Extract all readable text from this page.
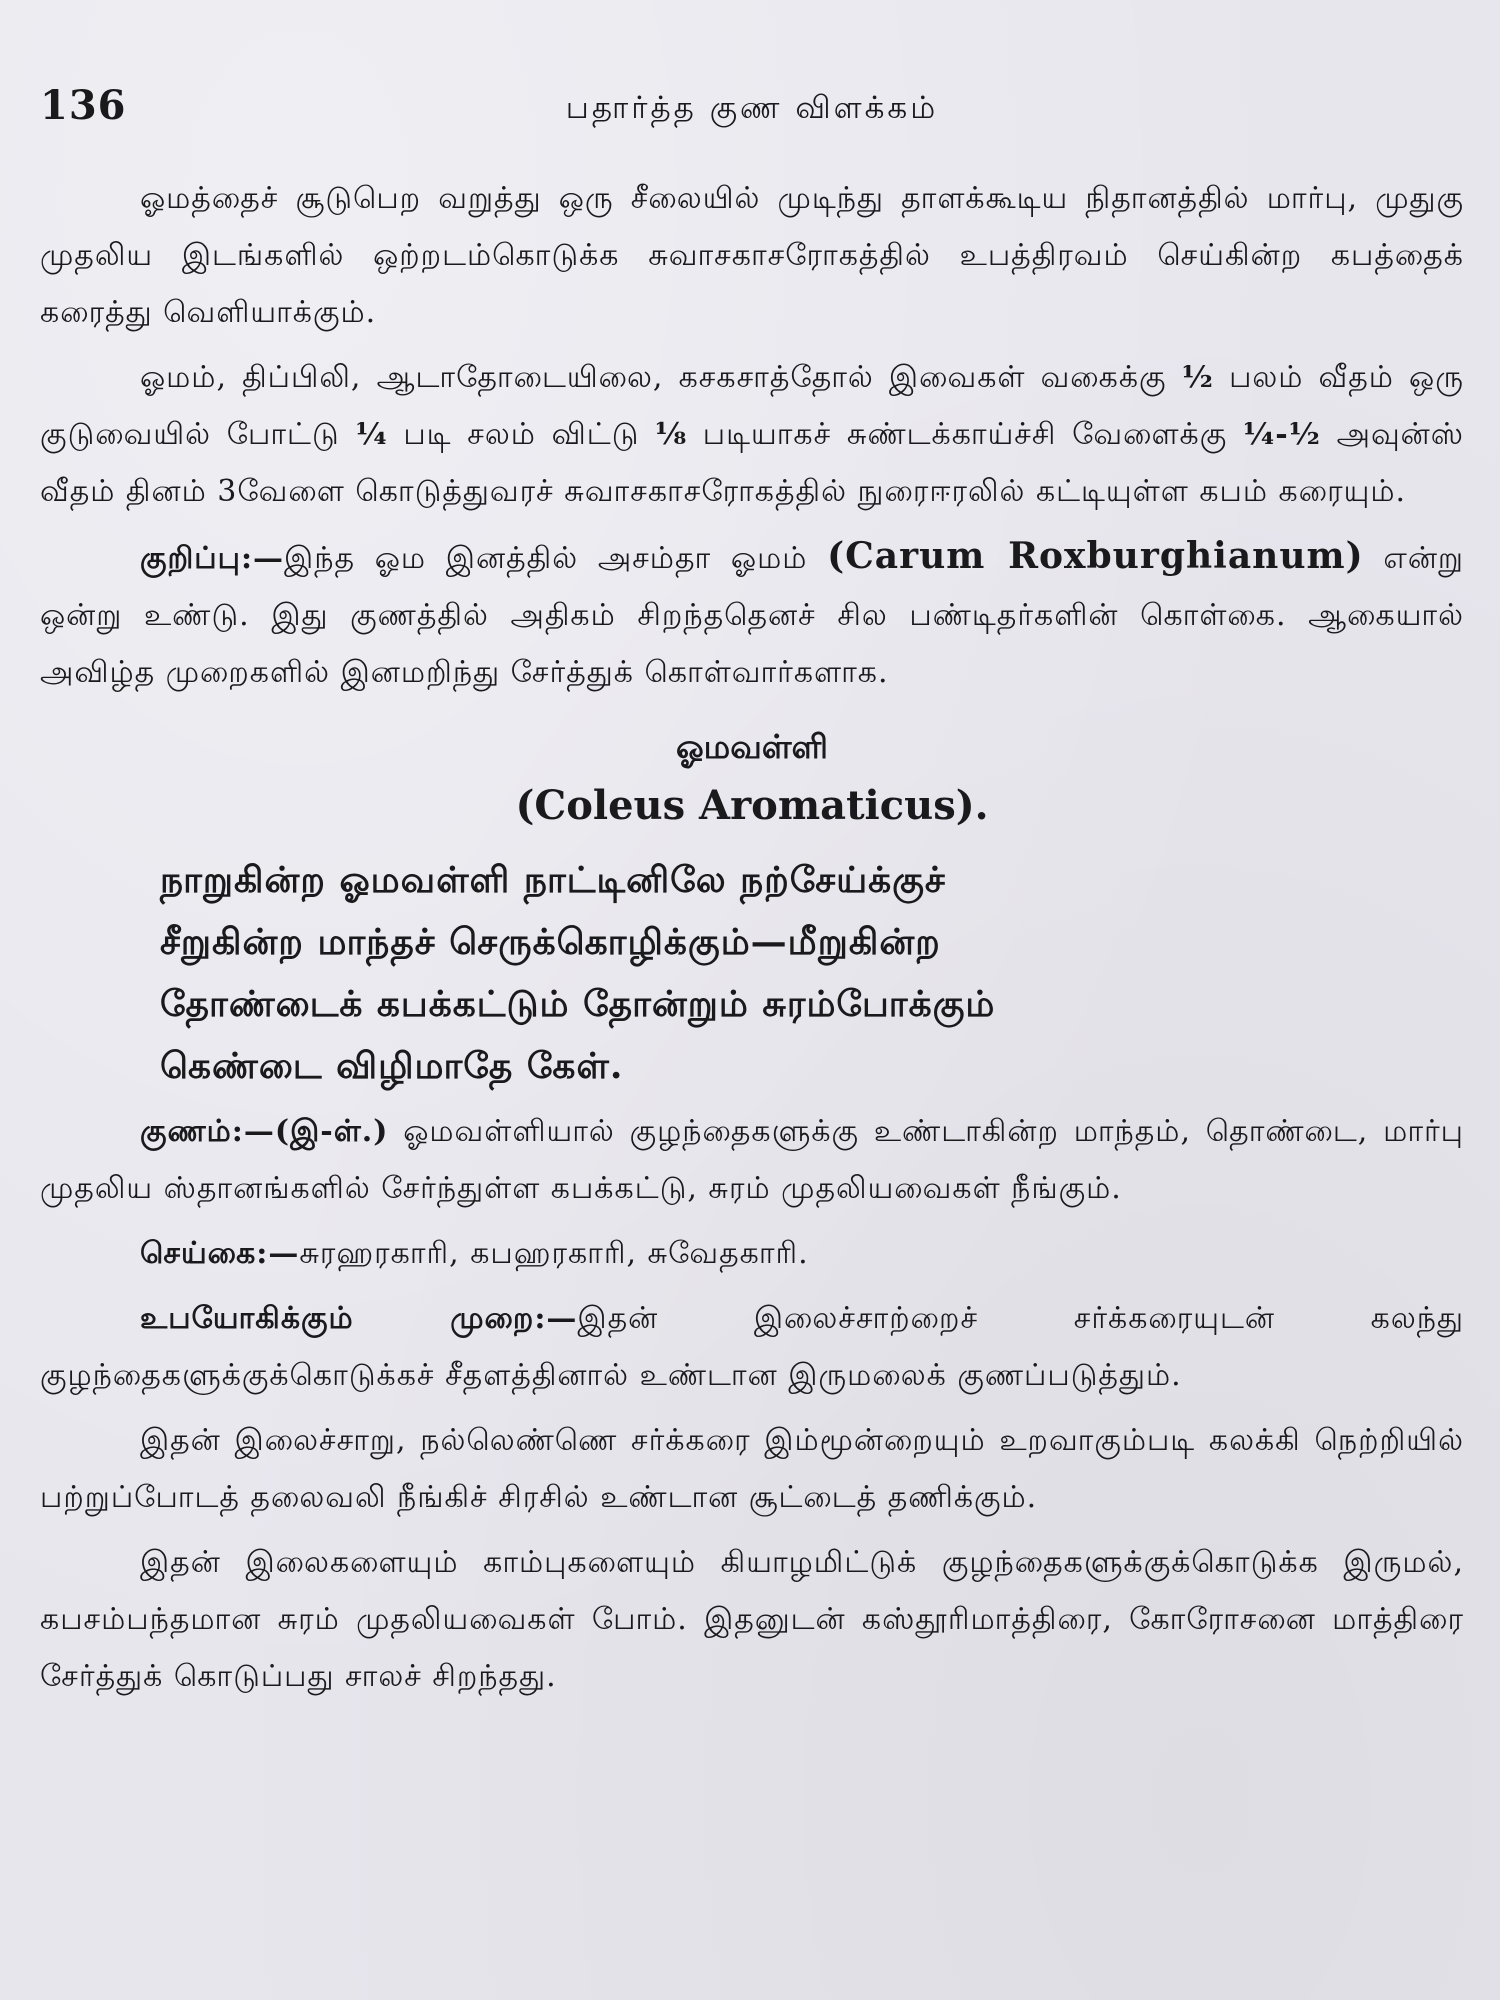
136	பதார்த்த குண விளக்கம்

ஓமத்தைச் சூடுபெற வறுத்து ஒரு சீலையில் முடிந்து தாளக்கூடிய நிதானத்தில் மார்பு, முதுகு முதலிய இடங்களில் ஒற்றடம்கொடுக்க சுவாசகாசரோகத்தில் உபத்திரவம் செய்கின்ற கபத்தைக் கரைத்து வெளியாக்கும்.

ஓமம், திப்பிலி, ஆடாதோடையிலை, கசகசாத்தோல் இவைகள் வகைக்கு ½ பலம் வீதம் ஒரு குடுவையில் போட்டு ¼ படி சலம் விட்டு ⅛ படியாகச் சுண்டக்காய்ச்சி வேளைக்கு ¼-½ அவுன்ஸ் வீதம் தினம் 3வேளை கொடுத்துவரச் சுவாசகாசரோகத்தில் நுரைஈரலில் கட்டியுள்ள கபம் கரையும்.

குறிப்பு:—இந்த ஓம இனத்தில் அசம்தா ஓமம் (Carum Roxburghianum) என்று ஒன்று உண்டு. இது குணத்தில் அதிகம் சிறந்ததெனச் சில பண்டிதர்களின் கொள்கை. ஆகையால் அவிழ்த முறைகளில் இனமறிந்து சேர்த்துக் கொள்வார்களாக.

ஓமவள்ளி
(Coleus Aromaticus).
நாறுகின்ற ஓமவள்ளி நாட்டினிலே நற்சேய்க்குச்
சீறுகின்ற மாந்தச் செருக்கொழிக்கும்—மீறுகின்ற
தோண்டைக் கபக்கட்டும் தோன்றும் சுரம்போக்கும்
கெண்டை விழிமாதே கேள்.

குணம்:—(இ-ள்.) ஓமவள்ளியால் குழந்தைகளுக்கு உண்டாகின்ற மாந்தம், தொண்டை, மார்பு முதலிய ஸ்தானங்களில் சேர்ந்துள்ள கபக்கட்டு, சுரம் முதலியவைகள் நீங்கும்.

செய்கை:—சுரஹரகாரி, கபஹரகாரி, சுவேதகாரி.

உபயோகிக்கும் முறை:—இதன் இலைச்சாற்றைச் சர்க்கரையுடன் கலந்து குழந்தைகளுக்குக்கொடுக்கச் சீதளத்தினால் உண்டான இருமலைக் குணப்படுத்தும்.

இதன் இலைச்சாறு, நல்லெண்ணெ சர்க்கரை இம்மூன்றையும் உறவாகும்படி கலக்கி நெற்றியில் பற்றுப்போடத் தலைவலி நீங்கிச் சிரசில் உண்டான சூட்டைத் தணிக்கும்.

இதன் இலைகளையும் காம்புகளையும் கியாழமிட்டுக் குழந்தைகளுக்குக்கொடுக்க இருமல், கபசம்பந்தமான சுரம் முதலியவைகள் போம். இதனுடன் கஸ்தூரிமாத்திரை, கோரோசனை மாத்திரை சேர்த்துக் கொடுப்பது சாலச் சிறந்தது.
